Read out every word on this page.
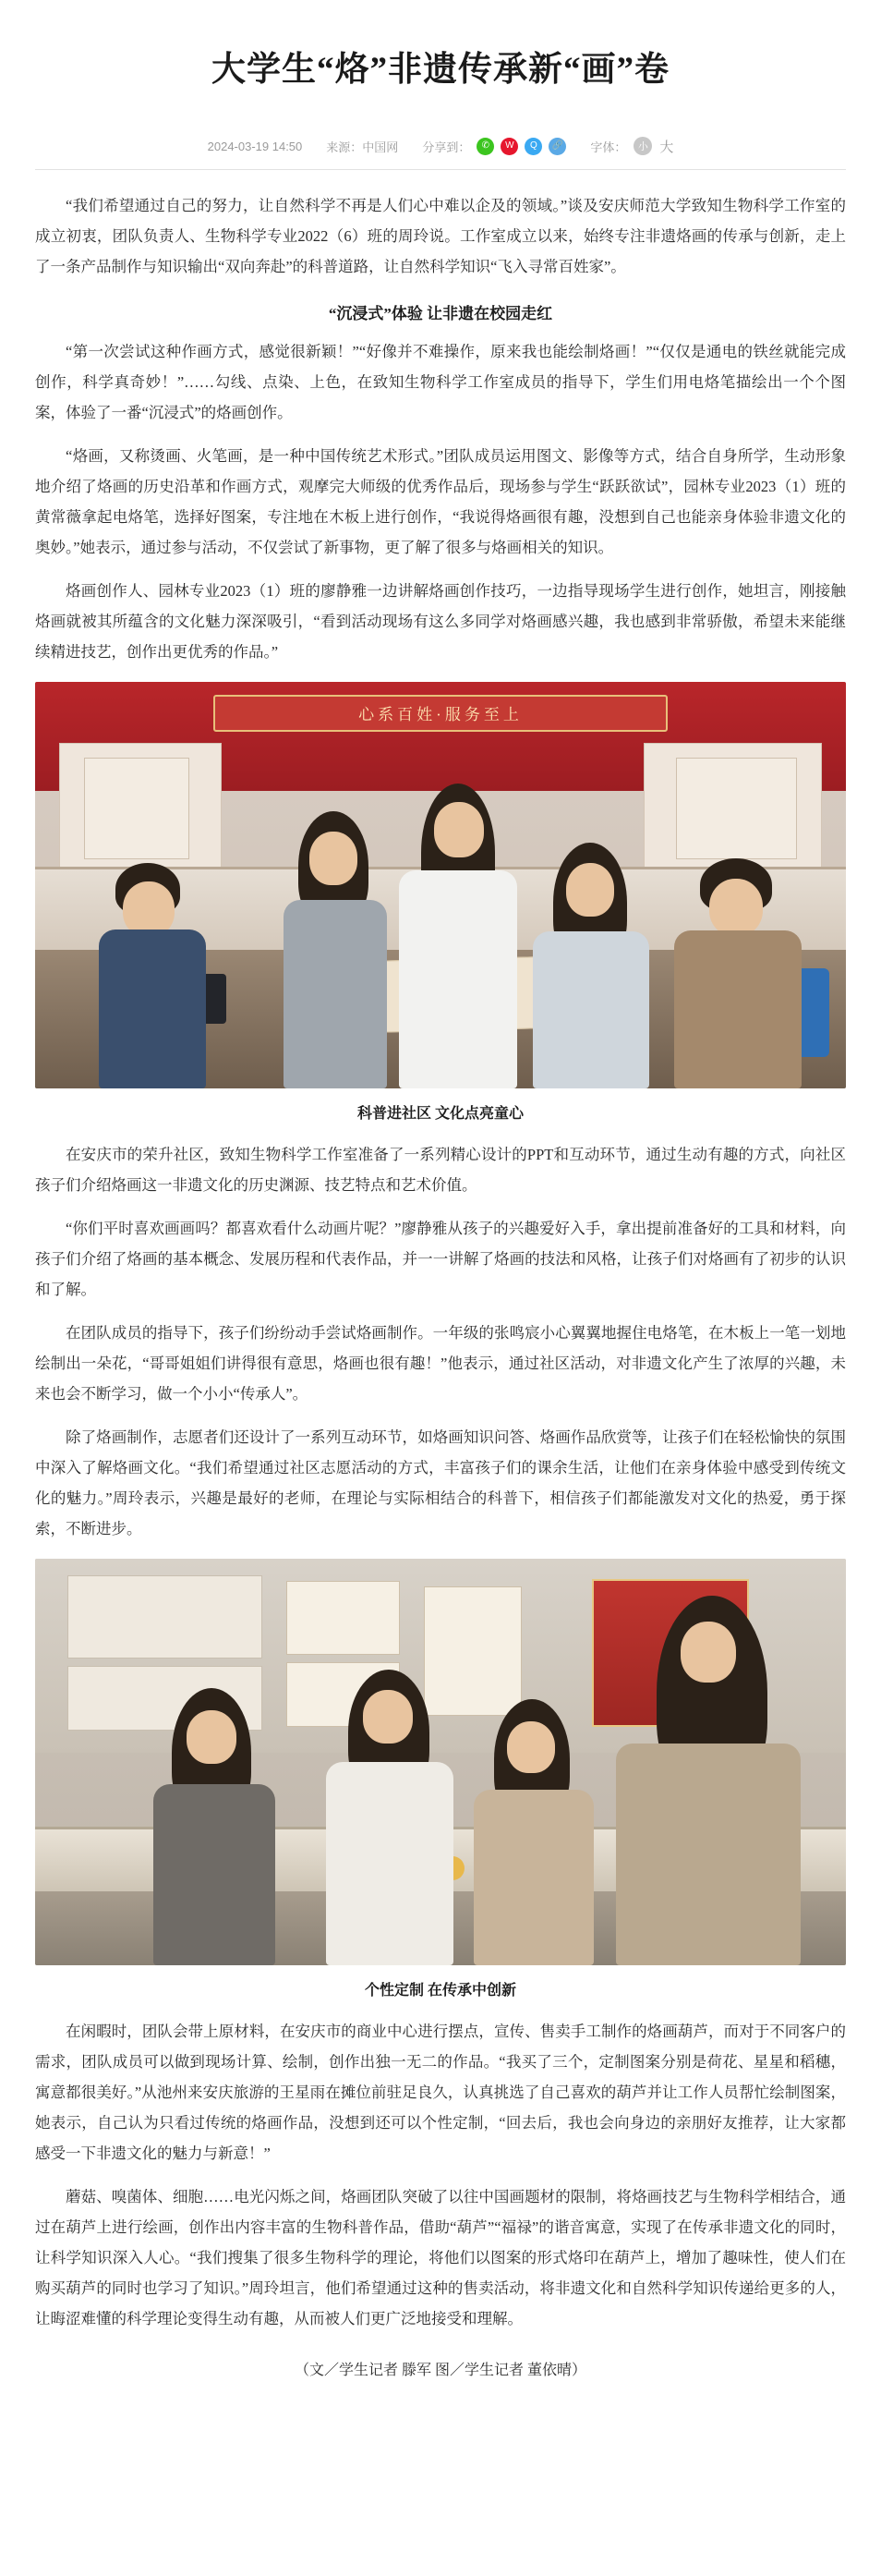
大学生“烙”非遗传承新“画”卷
2024-03-19 14:50 来源：中国网 分享到：	✆	W	Q	🔗 字体：	小 大

“我们希望通过自己的努力，让自然科学不再是人们心中难以企及的领域。”谈及安庆师范大学致知生物科学工作室的成立初衷，团队负责人、生物科学专业2022（6）班的周玲说。工作室成立以来，始终专注非遗烙画的传承与创新，走上了一条产品制作与知识输出“双向奔赴”的科普道路，让自然科学知识“飞入寻常百姓家”。

“沉浸式”体验 让非遗在校园走红

“第一次尝试这种作画方式，感觉很新颖！”“好像并不难操作，原来我也能绘制烙画！”“仅仅是通电的铁丝就能完成创作，科学真奇妙！”……勾线、点染、上色，在致知生物科学工作室成员的指导下，学生们用电烙笔描绘出一个个图案，体验了一番“沉浸式”的烙画创作。

“烙画，又称烫画、火笔画，是一种中国传统艺术形式。”团队成员运用图文、影像等方式，结合自身所学，生动形象地介绍了烙画的历史沿革和作画方式，观摩完大师级的优秀作品后，现场参与学生“跃跃欲试”，园林专业2023（1）班的黄常薇拿起电烙笔，选择好图案，专注地在木板上进行创作，“我说得烙画很有趣，没想到自己也能亲身体验非遗文化的奥妙。”她表示，通过参与活动，不仅尝试了新事物，更了解了很多与烙画相关的知识。

烙画创作人、园林专业2023（1）班的廖静雅一边讲解烙画创作技巧，一边指导现场学生进行创作，她坦言，刚接触烙画就被其所蕴含的文化魅力深深吸引，“看到活动现场有这么多同学对烙画感兴趣，我也感到非常骄傲，希望未来能继续精进技艺，创作出更优秀的作品。”

心系百姓·服务至上
科普进社区 文化点亮童心

在安庆市的荣升社区，致知生物科学工作室准备了一系列精心设计的PPT和互动环节，通过生动有趣的方式，向社区孩子们介绍烙画这一非遗文化的历史渊源、技艺特点和艺术价值。

“你们平时喜欢画画吗？都喜欢看什么动画片呢？”廖静雅从孩子的兴趣爱好入手，拿出提前准备好的工具和材料，向孩子们介绍了烙画的基本概念、发展历程和代表作品，并一一讲解了烙画的技法和风格，让孩子们对烙画有了初步的认识和了解。

在团队成员的指导下，孩子们纷纷动手尝试烙画制作。一年级的张鸣宸小心翼翼地握住电烙笔，在木板上一笔一划地绘制出一朵花，“哥哥姐姐们讲得很有意思，烙画也很有趣！”他表示，通过社区活动，对非遗文化产生了浓厚的兴趣，未来也会不断学习，做一个小小“传承人”。

除了烙画制作，志愿者们还设计了一系列互动环节，如烙画知识问答、烙画作品欣赏等，让孩子们在轻松愉快的氛围中深入了解烙画文化。“我们希望通过社区志愿活动的方式，丰富孩子们的课余生活，让他们在亲身体验中感受到传统文化的魅力。”周玲表示，兴趣是最好的老师，在理论与实际相结合的科普下，相信孩子们都能激发对文化的热爱，勇于探索，不断进步。

个性定制 在传承中创新

在闲暇时，团队会带上原材料，在安庆市的商业中心进行摆点，宣传、售卖手工制作的烙画葫芦，而对于不同客户的需求，团队成员可以做到现场计算、绘制，创作出独一无二的作品。“我买了三个，定制图案分别是荷花、星星和稻穗，寓意都很美好。”从池州来安庆旅游的王星雨在摊位前驻足良久，认真挑选了自己喜欢的葫芦并让工作人员帮忙绘制图案，她表示，自己认为只看过传统的烙画作品，没想到还可以个性定制，“回去后，我也会向身边的亲朋好友推荐，让大家都感受一下非遗文化的魅力与新意！”

蘑菇、嗅菌体、细胞……电光闪烁之间，烙画团队突破了以往中国画题材的限制，将烙画技艺与生物科学相结合，通过在葫芦上进行绘画，创作出内容丰富的生物科普作品，借助“葫芦”“福禄”的谐音寓意，实现了在传承非遗文化的同时，让科学知识深入人心。“我们搜集了很多生物科学的理论，将他们以图案的形式烙印在葫芦上，增加了趣味性，使人们在购买葫芦的同时也学习了知识。”周玲坦言，他们希望通过这种的售卖活动，将非遗文化和自然科学知识传递给更多的人，让晦涩难懂的科学理论变得生动有趣，从而被人们更广泛地接受和理解。

（文／学生记者 滕军 图／学生记者 董依晴）
